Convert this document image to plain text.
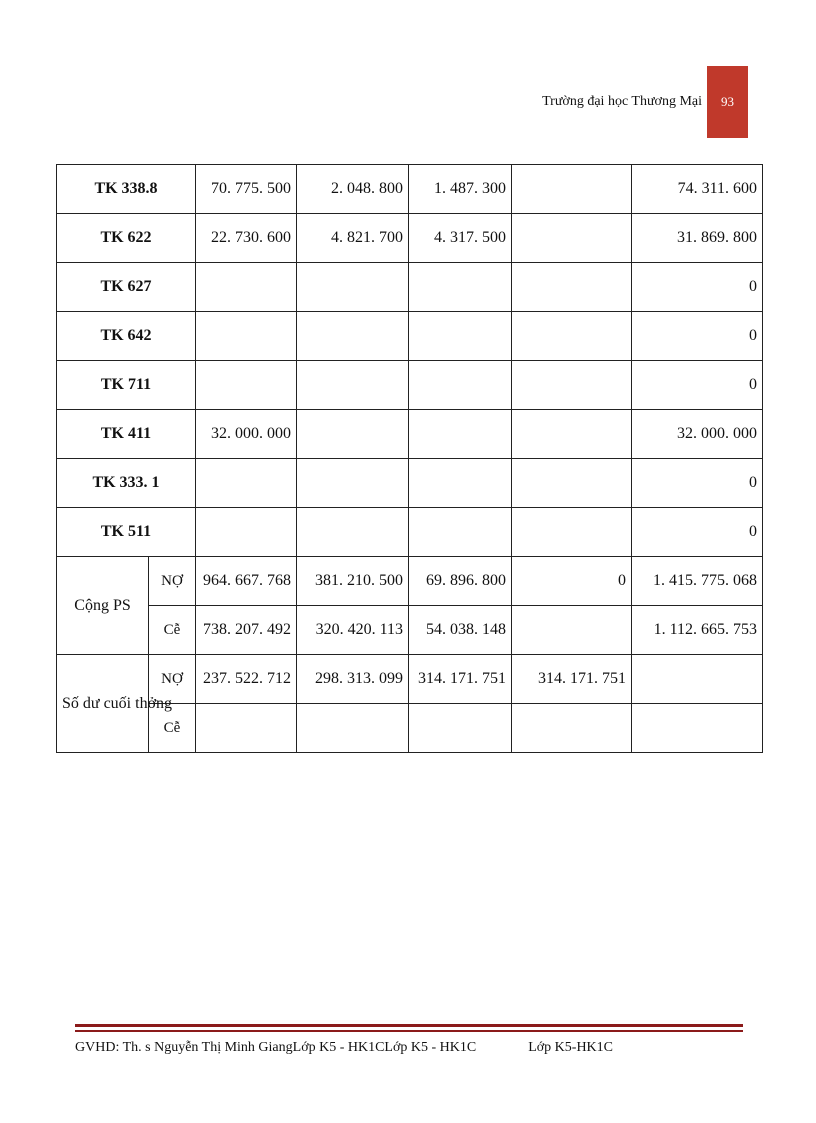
Trường đại học Thương Mại	93
TK 338.8		70. 775. 500	2. 048. 800	1. 487. 300		74. 311. 600
TK 622		22. 730. 600	4. 821. 700	4. 317. 500		31. 869. 800
TK 627						0
TK 642						0
TK 711						0
TK 411		32. 000. 000				32. 000. 000
TK 333. 1						0
TK 511						0
Cộng PS	NỢ	964. 667. 768	381. 210. 500	69. 896. 800	0	1. 415. 775. 068
	Cễ	738. 207. 492	320. 420. 113	54. 038. 148		1. 112. 665. 753
Số dư cuối thởng	NỢ	237. 522. 712	298. 313. 099	314. 171. 751	314. 171. 751	
	Cễ					
GVHD: Th. s Nguyễn Thị Minh GiangLớp K5 - HK1CLớp K5 - HK1C	Lớp K5-HK1C
